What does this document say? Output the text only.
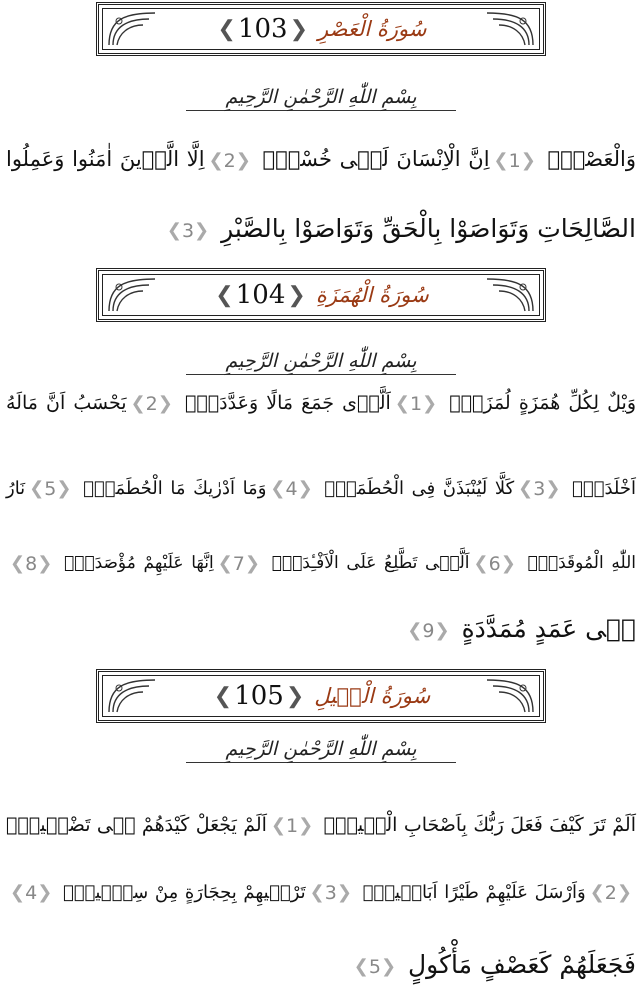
سُورَةُ الْعَصْرِ
❮
103
❯
بِسْمِ اللّٰهِ الرَّحْمٰنِ الرَّحِيمِ
وَالْعَصْرِۙ
❮
1
❯
اِنَّ الْاِنْسَانَ لَفٖى خُسْرٍۙ
❮
2
❯
اِلَّا الَّذٖينَ اٰمَنُوا وَعَمِلُوا
الصَّالِحَاتِ وَتَوَاصَوْا بِالْحَقِّ وَتَوَاصَوْا بِالصَّبْرِ
❮
3
❯
سُورَةُ الْهُمَزَةِ
❮
104
❯
بِسْمِ اللّٰهِ الرَّحْمٰنِ الرَّحِيمِ
وَيْلٌ لِكُلِّ هُمَزَةٍ لُمَزَةٍۙ
❮
1
❯
اَلَّذٖى جَمَعَ مَالًا وَعَدَّدَهُۙ
❮
2
❯
يَحْسَبُ اَنَّ مَالَهُ
اَخْلَدَهُۚ
❮
3
❯
كَلَّا لَيُنْبَذَنَّ فِى الْحُطَمَةِۘ
❮
4
❯
وَمَا اَدْرٰيكَ مَا الْحُطَمَةُۜ
❮
5
❯
نَارُ
اللّٰهِ الْمُوقَدَةُۙ
❮
6
❯
اَلَّتٖى تَطَّلِعُ عَلَى الْاَفْـِٔدَةِۜ
❮
7
❯
اِنَّهَا عَلَيْهِمْ مُؤْصَدَةٌۙ
❮
8
❯
فٖى عَمَدٍ مُمَدَّدَةٍ
❮
9
❯
سُورَةُ الْفٖيلِ
❮
105
❯
بِسْمِ اللّٰهِ الرَّحْمٰنِ الرَّحِيمِ
اَلَمْ تَرَ كَيْفَ فَعَلَ رَبُّكَ بِاَصْحَابِ الْفٖيلِۜ
❮
1
❯
اَلَمْ يَجْعَلْ كَيْدَهُمْ فٖى تَضْلٖيلٍۙ
❮
2
❯
وَاَرْسَلَ عَلَيْهِمْ طَيْرًا اَبَابٖيلَۙ
❮
3
❯
تَرْمٖيهِمْ بِحِجَارَةٍ مِنْ سِجّٖيلٍۙ
❮
4
❯
فَجَعَلَهُمْ كَعَصْفٍ مَأْكُولٍ
❮
5
❯
